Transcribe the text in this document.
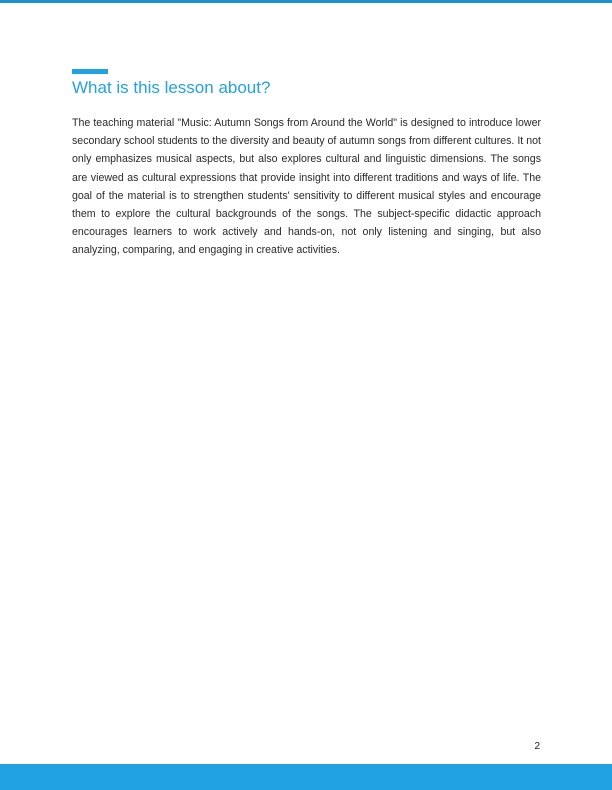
What is this lesson about?

The teaching material "Music: Autumn Songs from Around the World" is designed to introduce lower secondary school students to the diversity and beauty of autumn songs from different cultures. It not only emphasizes musical aspects, but also explores cultural and linguistic dimensions. The songs are viewed as cultural expressions that provide insight into different traditions and ways of life. The goal of the material is to strengthen students' sensitivity to different musical styles and encourage them to explore the cultural backgrounds of the songs. The subject-specific didactic approach encourages learners to work actively and hands-on, not only listening and singing, but also analyzing, comparing, and engaging in creative activities.

2
